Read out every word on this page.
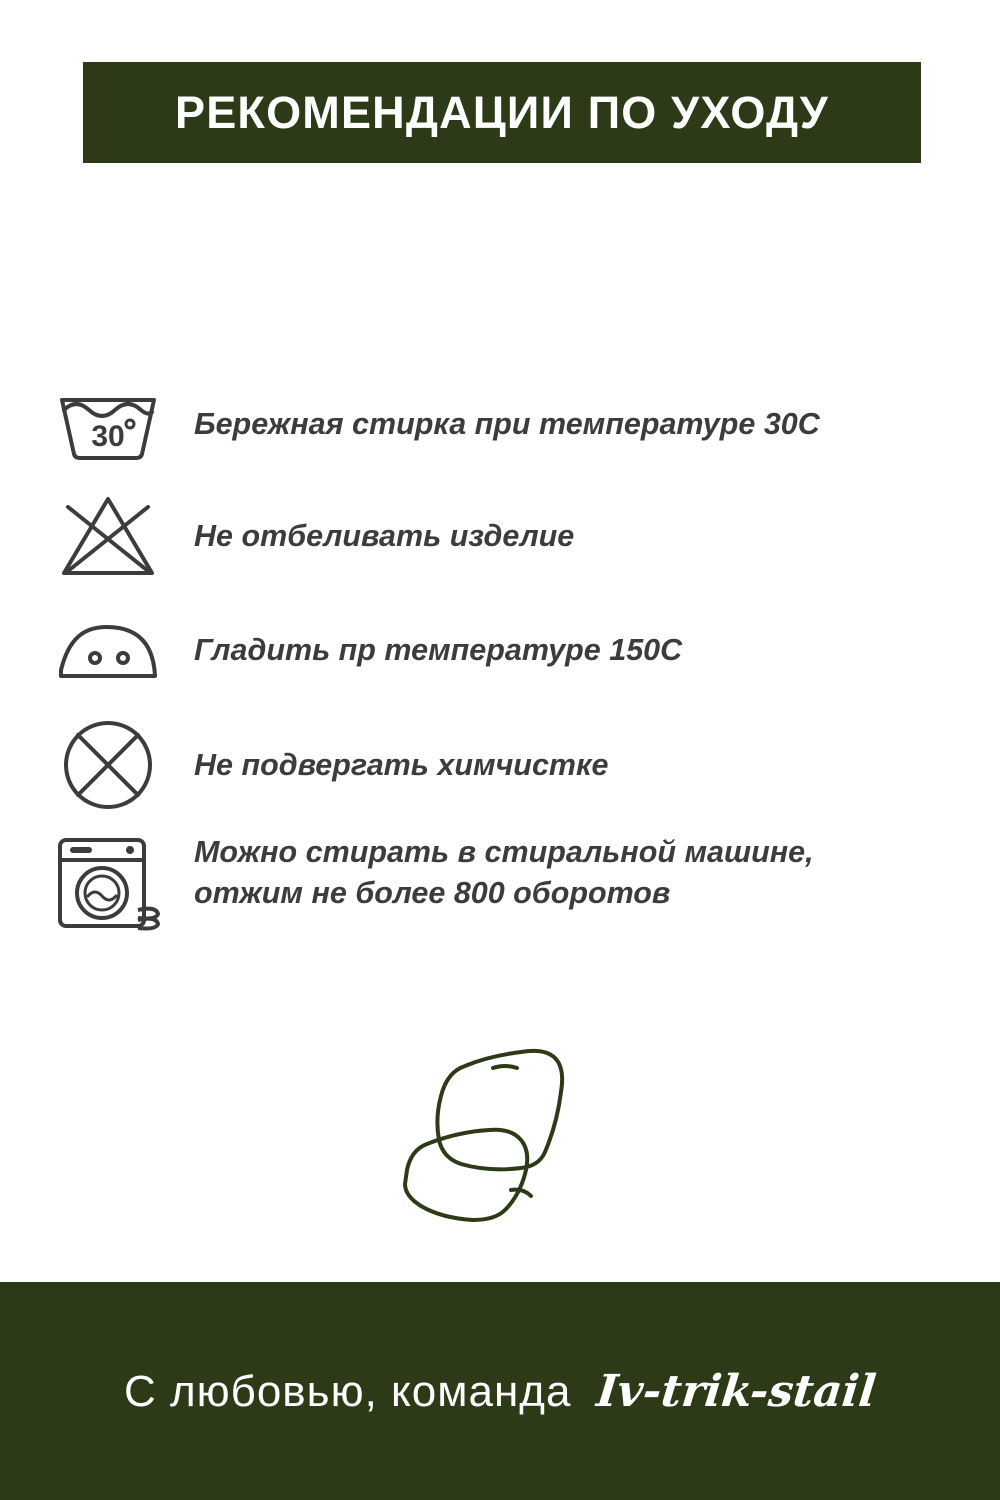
РЕКОМЕНДАЦИИ ПО УХОДУ
30 Бережная стирка при температуре 30С
Не отбеливать изделие
Гладить пр температуре 150С
Не подвергать химчистке
Можно стирать в стиральной машине, отжим не более 800 оборотов
С любовью, команда Iv-trik-stail
